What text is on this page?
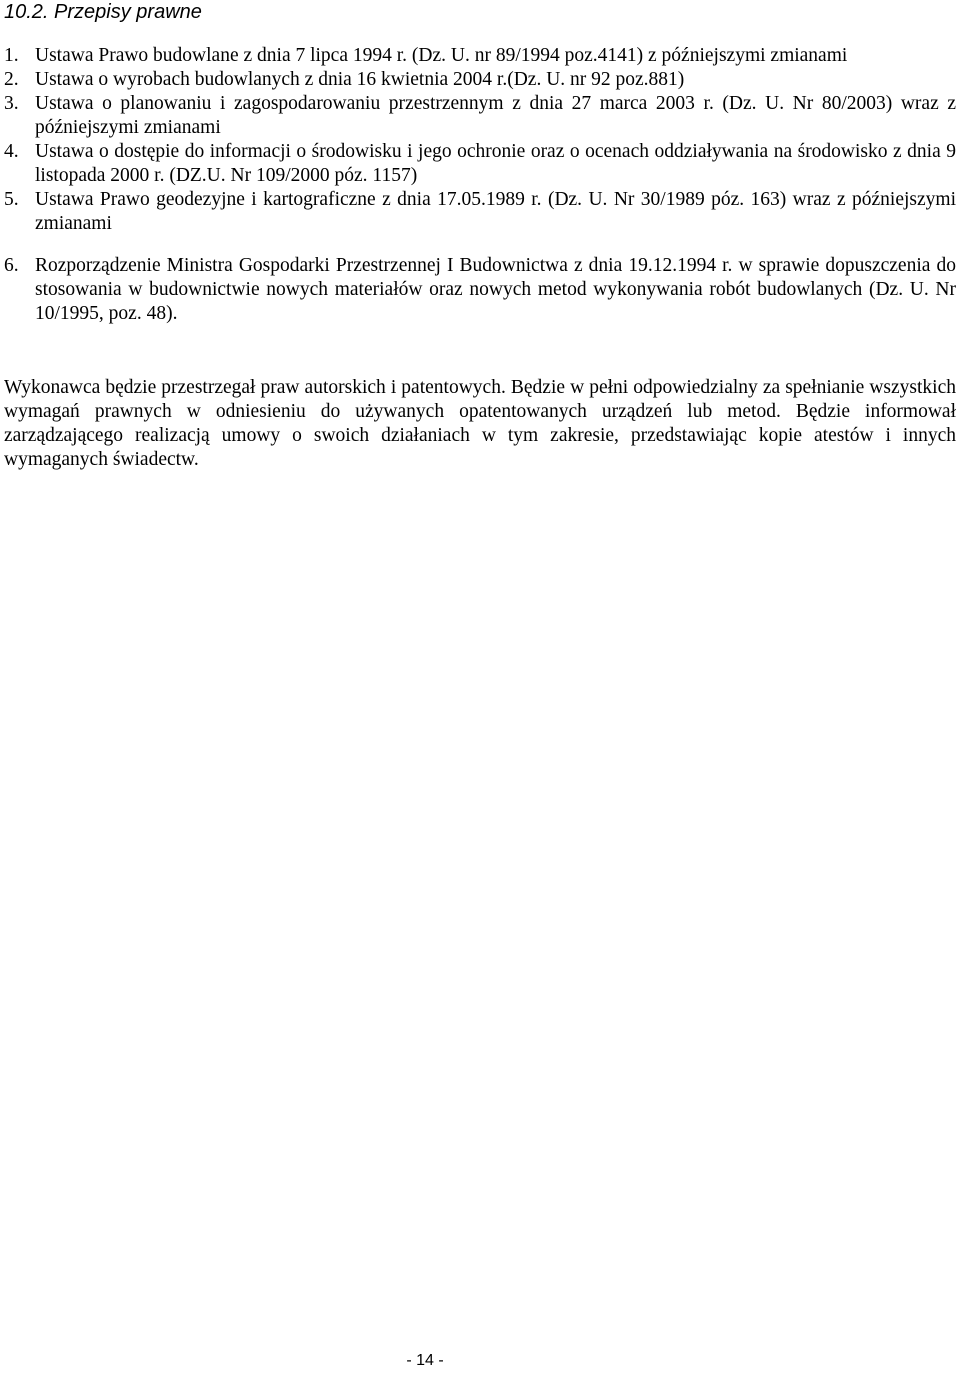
10.2. Przepisy prawne
1. Ustawa Prawo budowlane z dnia 7 lipca 1994 r. (Dz. U. nr 89/1994 poz.4141) z późniejszymi zmianami
2. Ustawa o wyrobach budowlanych z dnia 16 kwietnia 2004 r.(Dz. U. nr 92 poz.881)
3. Ustawa o planowaniu i zagospodarowaniu przestrzennym z dnia 27 marca 2003 r. (Dz. U. Nr 80/2003) wraz z późniejszymi zmianami
4. Ustawa o dostępie do informacji o środowisku i jego ochronie oraz o ocenach oddziaływania na środowisko z dnia 9 listopada 2000 r. (DZ.U. Nr 109/2000 póz. 1157)
5. Ustawa Prawo geodezyjne i kartograficzne z dnia 17.05.1989 r. (Dz. U. Nr 30/1989 póz. 163) wraz z późniejszymi zmianami
6. Rozporządzenie Ministra Gospodarki Przestrzennej I Budownictwa z dnia 19.12.1994 r. w sprawie dopuszczenia do stosowania w budownictwie nowych materiałów oraz nowych metod wykonywania robót budowlanych (Dz. U. Nr 10/1995, poz. 48).

Wykonawca będzie przestrzegał praw autorskich i patentowych. Będzie w pełni odpowiedzialny za spełnianie wszystkich wymagań prawnych w odniesieniu do używanych opatentowanych urządzeń lub metod. Będzie informował zarządzającego realizacją umowy o swoich działaniach w tym zakresie, przedstawiając kopie atestów i innych wymaganych świadectw.

- 14 -
